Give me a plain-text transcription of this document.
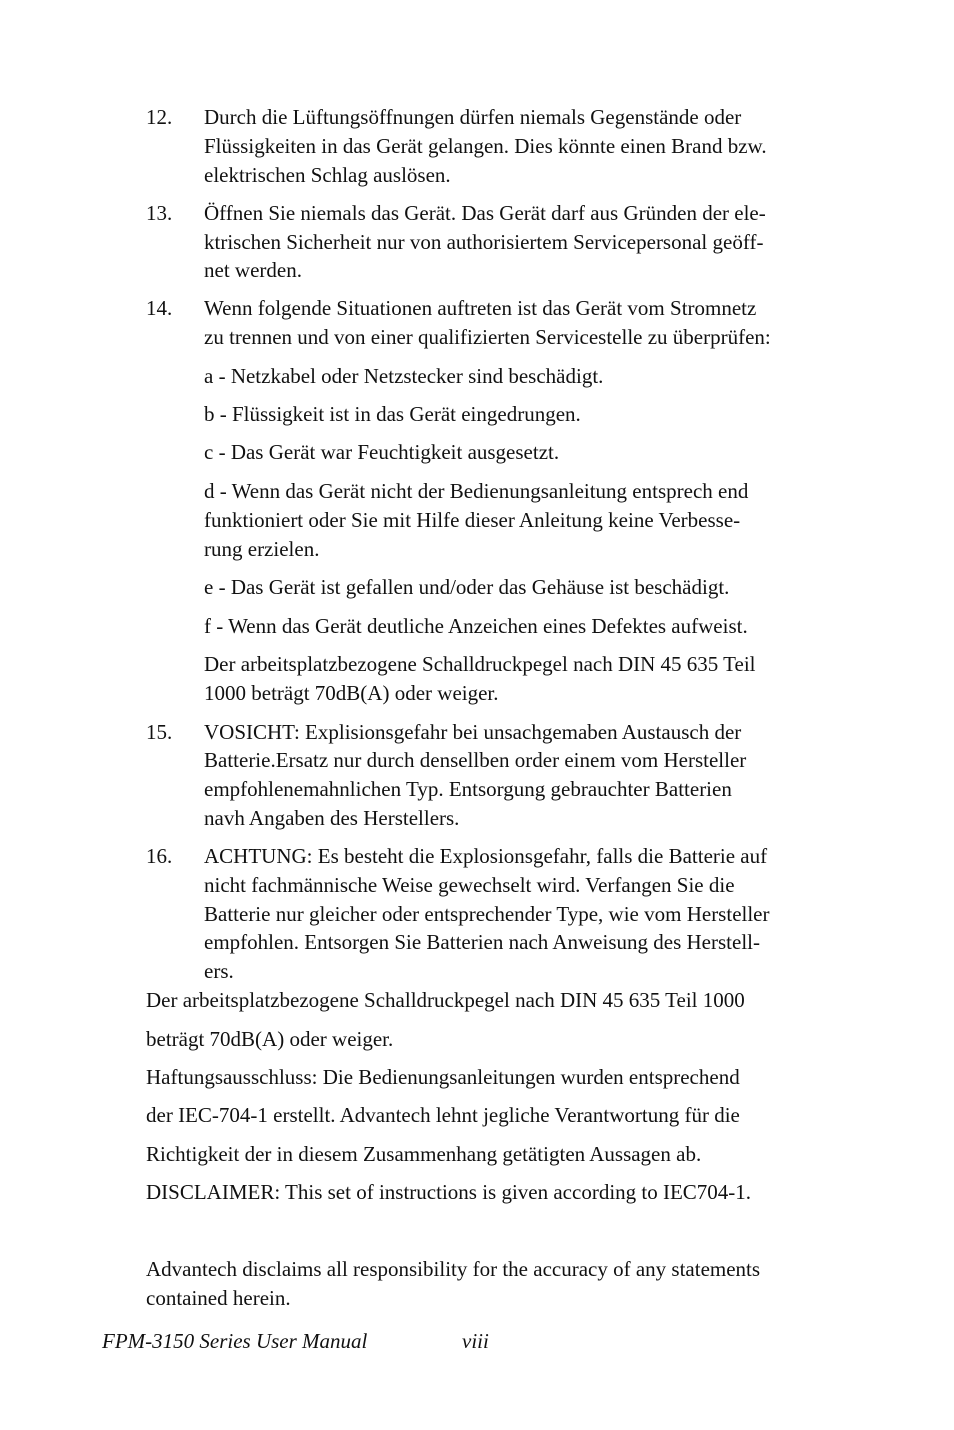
12. Durch die Lüftungsöffnungen dürfen niemals Gegenstände oder
Flüssigkeiten in das Gerät gelangen. Dies könnte einen Brand bzw.
elektrischen Schlag auslösen.
13. Öffnen Sie niemals das Gerät. Das Gerät darf aus Gründen der ele-
ktrischen Sicherheit nur von authorisiertem Servicepersonal geöff-
net werden.
14. Wenn folgende Situationen auftreten ist das Gerät vom Stromnetz
zu trennen und von einer qualifizierten Servicestelle zu überprüfen:
a - Netzkabel oder Netzstecker sind beschädigt.
b - Flüssigkeit ist in das Gerät eingedrungen.
c - Das Gerät war Feuchtigkeit ausgesetzt.
d - Wenn das Gerät nicht der Bedienungsanleitung entsprech end
funktioniert oder Sie mit Hilfe dieser Anleitung keine Verbesse-
rung erzielen.
e - Das Gerät ist gefallen und/oder das Gehäuse ist beschädigt.
f - Wenn das Gerät deutliche Anzeichen eines Defektes aufweist.
Der arbeitsplatzbezogene Schalldruckpegel nach DIN 45 635 Teil
1000 beträgt 70dB(A) oder weiger.
15. VOSICHT: Explisionsgefahr bei unsachgemaben Austausch der
Batterie.Ersatz nur durch densellben order einem vom Hersteller
empfohlenemahnlichen Typ. Entsorgung gebrauchter Batterien
navh Angaben des Herstellers.
16. ACHTUNG: Es besteht die Explosionsgefahr, falls die Batterie auf
nicht fachmännische Weise gewechselt wird. Verfangen Sie die
Batterie nur gleicher oder entsprechender Type, wie vom Hersteller
empfohlen. Entsorgen Sie Batterien nach Anweisung des Herstell-
ers.
Der arbeitsplatzbezogene Schalldruckpegel nach DIN 45 635 Teil 1000
beträgt 70dB(A) oder weiger.
Haftungsausschluss: Die Bedienungsanleitungen wurden entsprechend
der IEC-704-1 erstellt. Advantech lehnt jegliche Verantwortung für die
Richtigkeit der in diesem Zusammenhang getätigten Aussagen ab.
DISCLAIMER: This set of instructions is given according to IEC704-1.
Advantech disclaims all responsibility for the accuracy of any statements
contained herein.
FPM-3150 Series User Manual	viii
